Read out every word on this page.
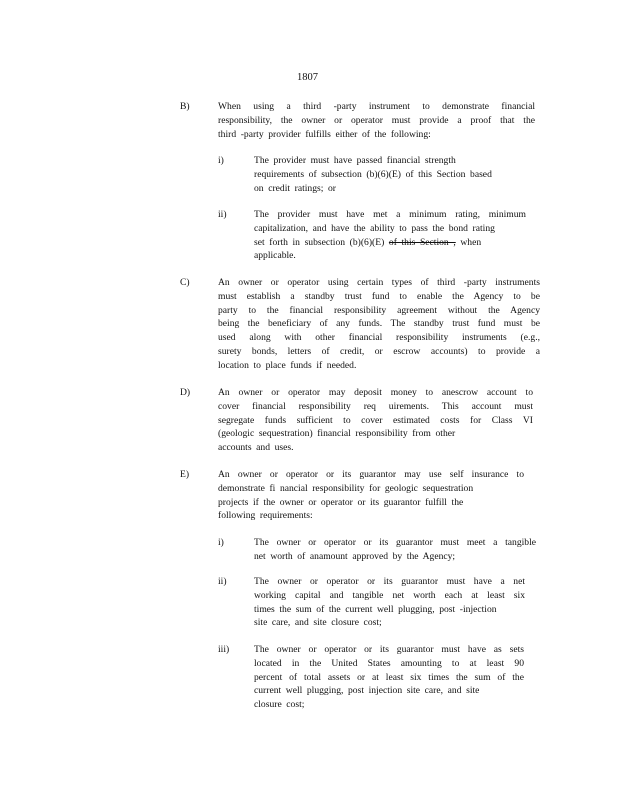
1807
B)	When using a third -party instrument to demonstrate financial
responsibility, the owner or operator must provide a proof that the
third -party provider fulfills either of the following:
i)	The provider must have passed financial strength
requirements of subsection (b)(6)(E) of this Section based
on credit ratings; or
ii)	The provider must have met a minimum rating, minimum
capitalization, and have the ability to pass the bond rating
set forth in subsection (b)(6)(E) of this Section , when
applicable.
C)	An owner or operator using certain types of third -party instruments
must establish a standby trust fund to enable the Agency to be
party to the financial responsibility agreement without the Agency
being the beneficiary of any funds. The standby trust fund must be
used along with other financial responsibility instruments (e.g.,
surety bonds, letters of credit, or escrow accounts) to provide a
location to place funds if needed.
D)	An owner or operator may deposit money to anescrow account to
cover financial responsibility req uirements. This account must
segregate funds sufficient to cover estimated costs for Class VI
(geologic sequestration) financial responsibility from other
accounts and uses.
E)	An owner or operator or its guarantor may use self insurance to
demonstrate fi nancial responsibility for geologic sequestration
projects if the owner or operator or its guarantor fulfill the
following requirements:
i)	The owner or operator or its guarantor must meet a tangible
net worth of anamount approved by the Agency;
ii)	The owner or operator or its guarantor must have a net
working capital and tangible net worth each at least six
times the sum of the current well plugging, post -injection
site care, and site closure cost;
iii)	The owner or operator or its guarantor must have as sets
located in the United States amounting to at least 90
percent of total assets or at least six times the sum of the
current well plugging, post injection site care, and site
closure cost;
